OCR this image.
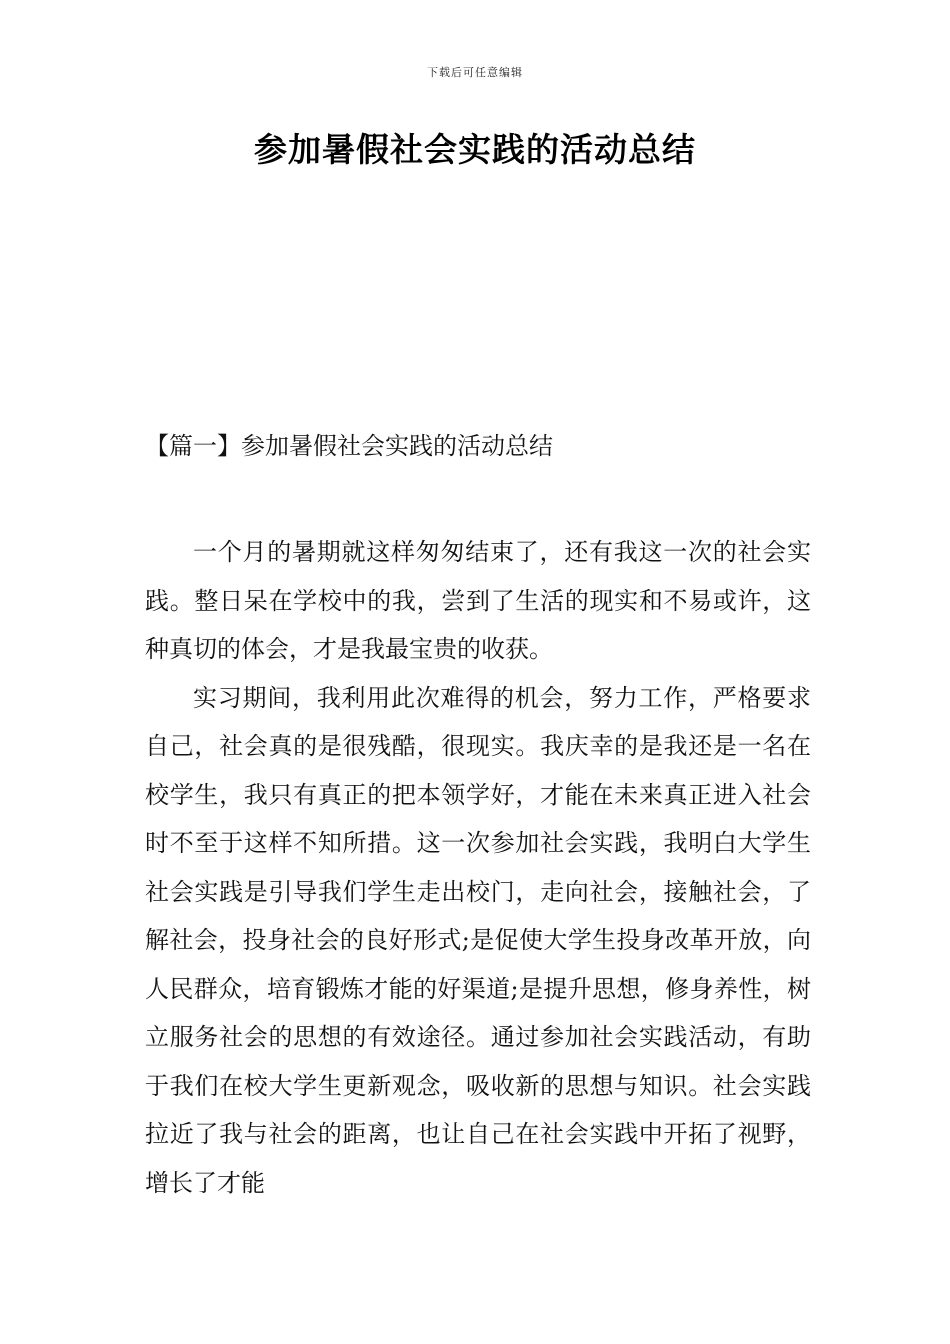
下载后可任意编辑
参加暑假社会实践的活动总结
【篇一】参加暑假社会实践的活动总结

一个月的暑期就这样匆匆结束了，还有我这一次的社会实践。整日呆在学校中的我，尝到了生活的现实和不易或许，这种真切的体会，才是我最宝贵的收获。

实习期间，我利用此次难得的机会，努力工作，严格要求自己，社会真的是很残酷，很现实。我庆幸的是我还是一名在校学生，我只有真正的把本领学好，才能在未来真正进入社会时不至于这样不知所措。这一次参加社会实践，我明白大学生社会实践是引导我们学生走出校门，走向社会，接触社会，了解社会，投身社会的良好形式;是促使大学生投身改革开放，向人民群众，培育锻炼才能的好渠道;是提升思想，修身养性，树立服务社会的思想的有效途径。通过参加社会实践活动，有助于我们在校大学生更新观念，吸收新的思想与知识。社会实践拉近了我与社会的距离，也让自己在社会实践中开拓了视野，增长了才能
